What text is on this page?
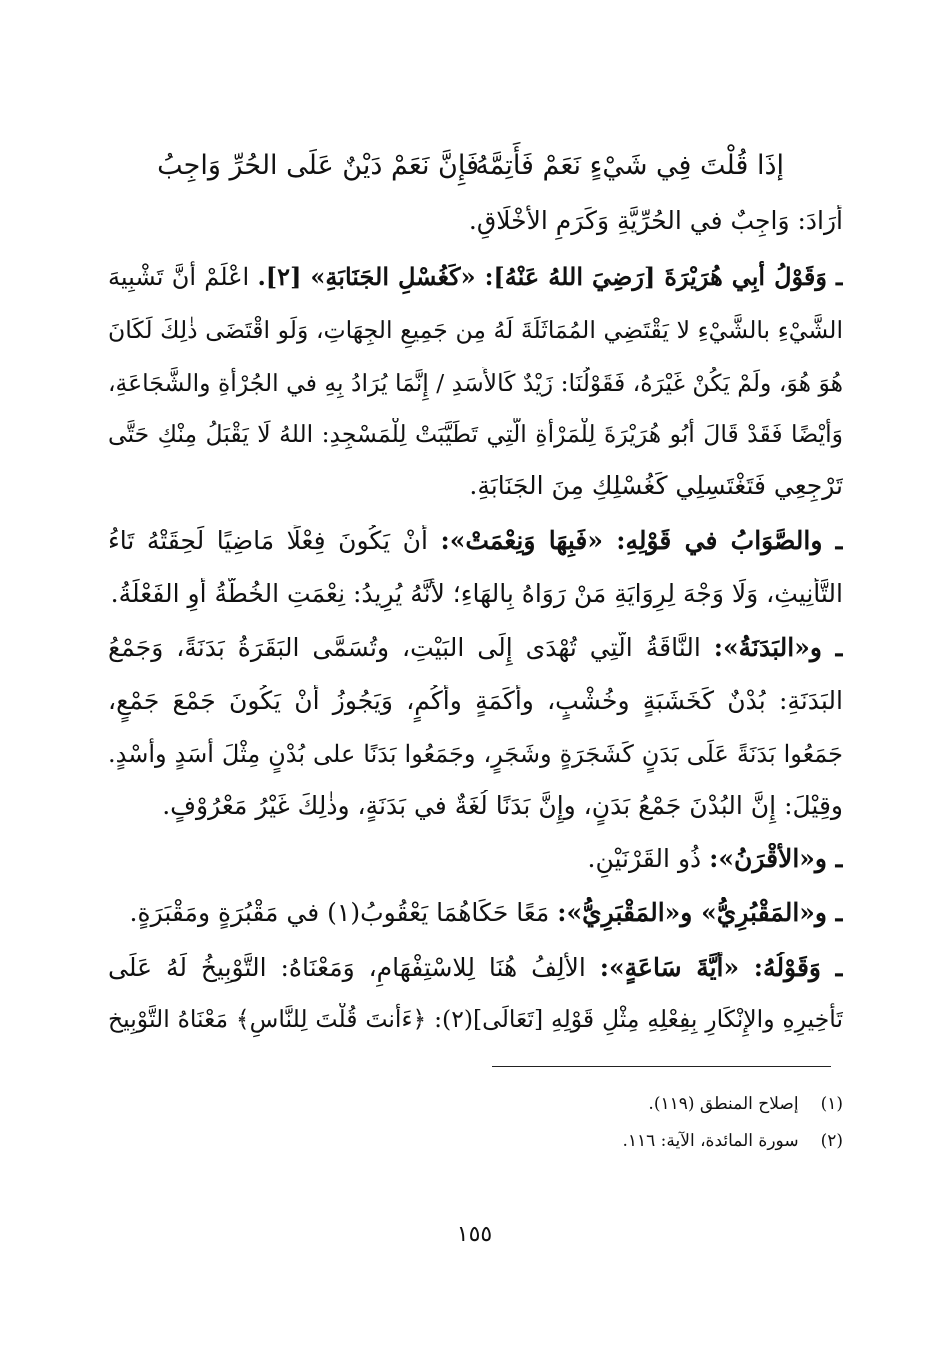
إذَا قُلْتَ فِي شَيْءٍ نَعَمْ فَأَتِمَّهُ
فَإِنَّ نَعَمْ دَيْنٌ عَلَى الحُرِّ وَاجِبُ
أَرَادَ: وَاجِبٌ في الحُرِّيَّةِ وَكَرَمِ الأَخْلَاقِ.
ـ وَقَوْلُ أَبِي هُرَيْرَةَ [رَضِيَ اللهُ عَنْهُ]: «كَغُسْلِ الجَنَابَةِ» [٢]. اعْلَمْ أَنَّ تَشْبِيهَ
الشَّيْءِ بالشَّيْءِ لا يَقْتَضِي المُمَاثَلَةَ لَهُ مِن جَمِيعِ الجِهَاتِ، وَلَو اقْتَضَى ذٰلِكَ لَكَانَ
هُوَ هُوَ، ولَمْ يَكُنْ غَيْرَهُ، فَقَوْلُنَا: زَيْدٌ كَالأَسَدِ / إِنَّمَا يُرَادُ بِهِ في الجُرْأَةِ والشَّجَاعَةِ،
وَأَيْضًا فَقَدْ قَالَ أَبُو هُرَيْرَةَ لِلْمَرْأَةِ الَّتِي تَطَيَّبَتْ لِلْمَسْجِدِ: اللهُ لَا يَقْبَلُ مِنْكِ حَتَّى
تَرْجِعِي فَتَغْتَسِلِي كَغُسْلِكِ مِنَ الجَنَابَةِ.
ـ والصَّوَابُ في قَوْلِهِ: «فَبِهَا وَنِعْمَتْ»: أَنْ يَكُونَ فِعْلًا مَاضِيًا لَحِقَتْهُ تَاءُ
التَّأْنِيثِ، وَلَا وَجْهَ لِرِوَايَةِ مَنْ رَوَاهُ بِالهَاءِ؛ لأَنَّهُ يُرِيدُ: نِعْمَتِ الخُطَّةُ أَوِ الفَعْلَةُ.
ـ و«البَدَنَةُ»: النَّاقَةُ الَّتِي تُهْدَى إِلَى البَيْتِ، وتُسَمَّى البَقَرَةُ بَدَنَةً، وَجَمْعُ
البَدَنَةِ: بُدْنٌ كَخَشَبَةٍ وخُشْبٍ، وأَكَمَةٍ وأُكُمٍ، وَيَجُوزُ أَنْ يَكُونَ جَمْعَ جَمْعٍ،
جَمَعُوا بَدَنَةً عَلَى بَدَنٍ كَشَجَرَةٍ وشَجَرٍ، وجَمَعُوا بَدَنًا على بُدْنٍ مِثْلَ أَسَدٍ وأُسْدٍ.
وقِيْلَ: إِنَّ البُدْنَ جَمْعُ بَدَنٍ، وإِنَّ بَدَنًا لُغَةٌ في بَدَنَةٍ، وذٰلِكَ غَيْرُ مَعْرُوْفٍ.
ـ و«الأَقْرَنُ»: ذُو القَرْنَيْنِ.
ـ و«المَقْبُرِيُّ» و«المَقْبَرِيُّ»: مَعًا حَكَاهُمَا يَعْقُوبُ(١) في مَقْبُرَةٍ ومَقْبَرَةٍ.
ـ وَقَوْلُهُ: «أَيَّةَ سَاعَةٍ»: الأَلِفُ هُنَا لِلاسْتِفْهَامِ، وَمَعْنَاهُ: التَّوْبِيخُ لَهُ عَلَى
تَأْخِيرِهِ والإِنْكَارِ بِفِعْلِهِ مِثْلِ قَوْلِهِ [تَعَالَى](٢): ﴿ءَأَنتَ قُلْتَ لِلنَّاسِ﴾ مَعْنَاهُ التَّوْبِيخ
(١)إصلاح المنطق (١١٩).
(٢)سورة المائدة، الآية: ١١٦.
١٥٥
